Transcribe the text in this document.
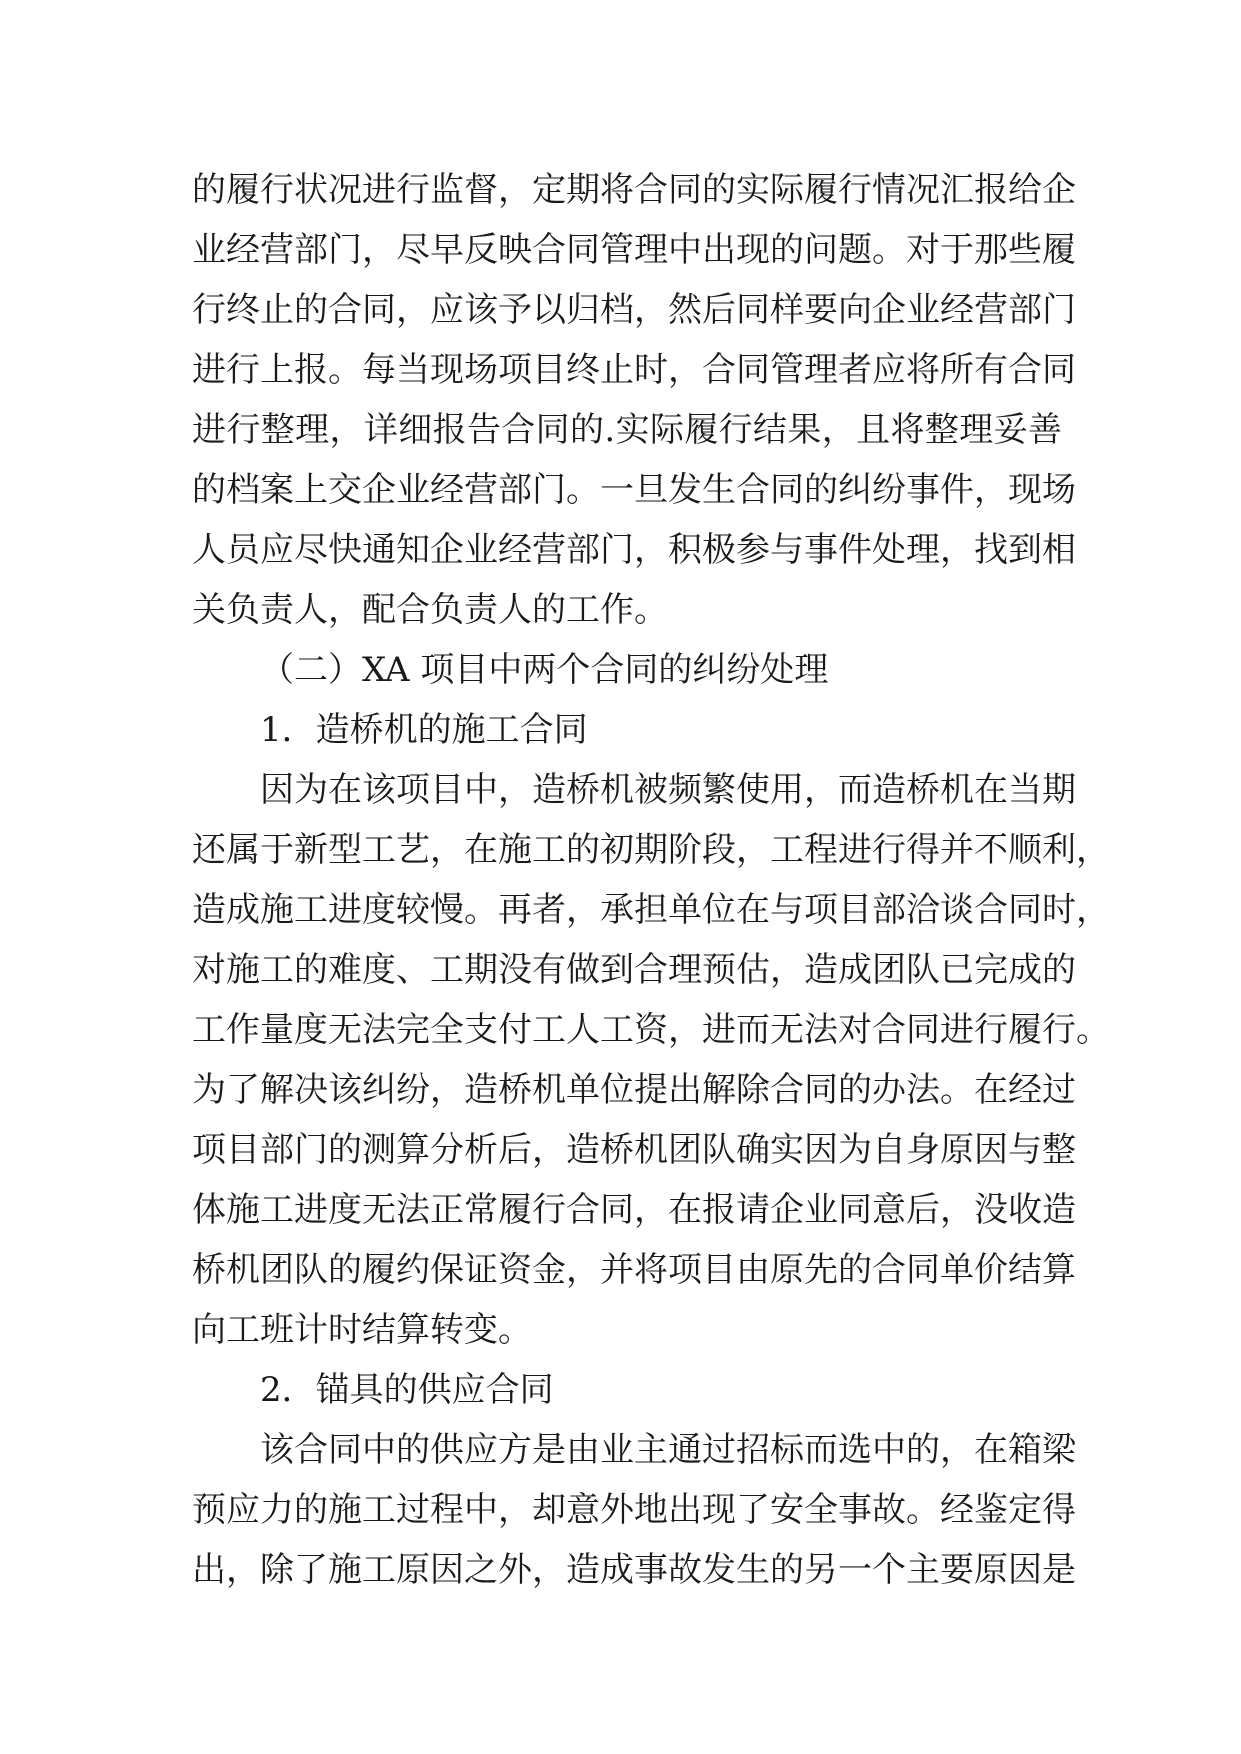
的履行状况进行监督，定期将合同的实际履行情况汇报给企
业经营部门，尽早反映合同管理中出现的问题。对于那些履
行终止的合同，应该予以归档，然后同样要向企业经营部门
进行上报。每当现场项目终止时，合同管理者应将所有合同
进行整理，详细报告合同的.实际履行结果，且将整理妥善
的档案上交企业经营部门。一旦发生合同的纠纷事件，现场
人员应尽快通知企业经营部门，积极参与事件处理，找到相
关负责人，配合负责人的工作。
（二）XA 项目中两个合同的纠纷处理
1．造桥机的施工合同
因为在该项目中，造桥机被频繁使用，而造桥机在当期
还属于新型工艺，在施工的初期阶段，工程进行得并不顺利，
造成施工进度较慢。再者，承担单位在与项目部洽谈合同时，
对施工的难度、工期没有做到合理预估，造成团队已完成的
工作量度无法完全支付工人工资，进而无法对合同进行履行。
为了解决该纠纷，造桥机单位提出解除合同的办法。在经过
项目部门的测算分析后，造桥机团队确实因为自身原因与整
体施工进度无法正常履行合同，在报请企业同意后，没收造
桥机团队的履约保证资金，并将项目由原先的合同单价结算
向工班计时结算转变。
2．锚具的供应合同
该合同中的供应方是由业主通过招标而选中的，在箱梁
预应力的施工过程中，却意外地出现了安全事故。经鉴定得
出，除了施工原因之外，造成事故发生的另一个主要原因是
